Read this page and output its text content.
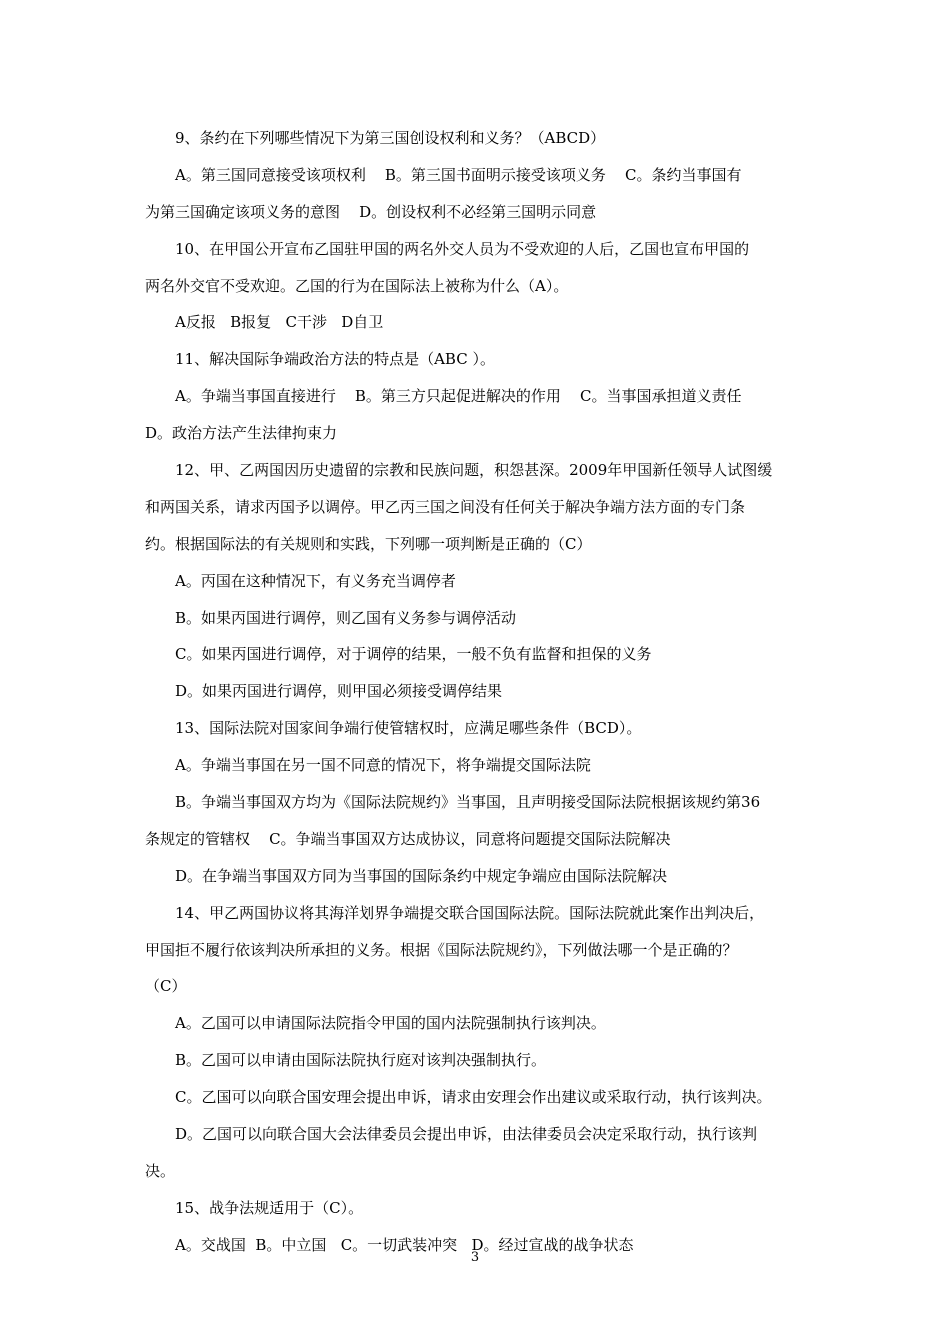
9、条约在下列哪些情况下为第三国创设权利和义务？（ABCD）
A。第三国同意接受该项权利    B。第三国书面明示接受该项义务    C。条约当事国有
为第三国确定该项义务的意图    D。创设权利不必经第三国明示同意
10、在甲国公开宣布乙国驻甲国的两名外交人员为不受欢迎的人后，乙国也宣布甲国的
两名外交官不受欢迎。乙国的行为在国际法上被称为什么（A）。
A反报   B报复   C干涉   D自卫
11、解决国际争端政治方法的特点是（ABC ）。
A。争端当事国直接进行    B。第三方只起促进解决的作用    C。当事国承担道义责任
D。政治方法产生法律拘束力
12、甲、乙两国因历史遗留的宗教和民族问题，积怨甚深。2009年甲国新任领导人试图缓
和两国关系，请求丙国予以调停。甲乙丙三国之间没有任何关于解决争端方法方面的专门条
约。根据国际法的有关规则和实践，下列哪一项判断是正确的（C）
A。丙国在这种情况下，有义务充当调停者
B。如果丙国进行调停，则乙国有义务参与调停活动
C。如果丙国进行调停，对于调停的结果，一般不负有监督和担保的义务
D。如果丙国进行调停，则甲国必须接受调停结果
13、国际法院对国家间争端行使管辖权时，应满足哪些条件（BCD）。
A。争端当事国在另一国不同意的情况下，将争端提交国际法院
B。争端当事国双方均为《国际法院规约》当事国，且声明接受国际法院根据该规约第36
条规定的管辖权    C。争端当事国双方达成协议，同意将问题提交国际法院解决
D。在争端当事国双方同为当事国的国际条约中规定争端应由国际法院解决
14、甲乙两国协议将其海洋划界争端提交联合国国际法院。国际法院就此案作出判决后，
甲国拒不履行依该判决所承担的义务。根据《国际法院规约》，下列做法哪一个是正确的？
（C）
A。乙国可以申请国际法院指令甲国的国内法院强制执行该判决。
B。乙国可以申请由国际法院执行庭对该判决强制执行。
C。乙国可以向联合国安理会提出申诉，请求由安理会作出建议或采取行动，执行该判决。
D。乙国可以向联合国大会法律委员会提出申诉，由法律委员会决定采取行动，执行该判
决。
15、战争法规适用于（C）。
A。交战国  B。中立国   C。一切武装冲突   D。经过宣战的战争状态
3
